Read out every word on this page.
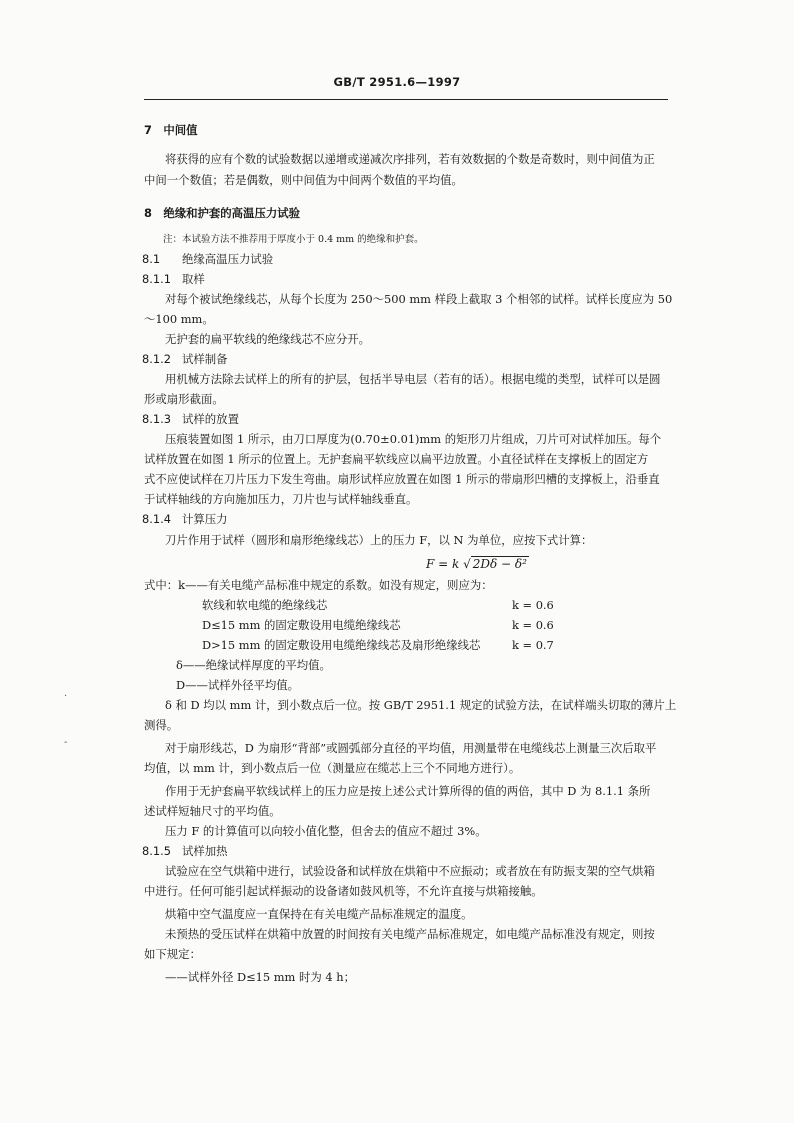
GB/T 2951.6—1997
7　中间值
将获得的应有个数的试验数据以递增或递减次序排列，若有效数据的个数是奇数时，则中间值为正
中间一个数值；若是偶数，则中间值为中间两个数值的平均值。
8　绝缘和护套的高温压力试验
注：本试验方法不推荐用于厚度小于 0.4 mm 的绝缘和护套。
8.1 绝缘高温压力试验
8.1.1 取样
对每个被试绝缘线芯，从每个长度为 250～500 mm 样段上截取 3 个相邻的试样。试样长度应为 50
～100 mm。
无护套的扁平软线的绝缘线芯不应分开。
8.1.2 试样制备
用机械方法除去试样上的所有的护层，包括半导电层（若有的话）。根据电缆的类型，试样可以是圆
形或扇形截面。
8.1.3 试样的放置
压痕装置如图 1 所示，由刀口厚度为(0.70±0.01)mm 的矩形刀片组成，刀片可对试样加压。每个
试样放置在如图 1 所示的位置上。无护套扁平软线应以扁平边放置。小直径试样在支撑板上的固定方
式不应使试样在刀片压力下发生弯曲。扇形试样应放置在如图 1 所示的带扇形凹槽的支撑板上，沿垂直
于试样轴线的方向施加压力，刀片也与试样轴线垂直。
8.1.4 计算压力
刀片作用于试样（圆形和扇形绝缘线芯）上的压力 F，以 N 为单位，应按下式计算：
F = k √ 2Dδ − δ²
式中：k——有关电缆产品标准中规定的系数。如没有规定，则应为：
软线和软电缆的绝缘线芯	k = 0.6
D≤15 mm 的固定敷设用电缆绝缘线芯	k = 0.6
D>15 mm 的固定敷设用电缆绝缘线芯及扇形绝缘线芯	k = 0.7
δ——绝缘试样厚度的平均值。
D——试样外径平均值。
·
δ 和 D 均以 mm 计，到小数点后一位。按 GB/T 2951.1 规定的试验方法，在试样端头切取的薄片上
测得。
-	对于扇形线芯，D 为扇形“背部”或圆弧部分直径的平均值，用测量带在电缆线芯上测量三次后取平
均值，以 mm 计，到小数点后一位（测量应在缆芯上三个不同地方进行）。
作用于无护套扁平软线试样上的压力应是按上述公式计算所得的值的两倍，其中 D 为 8.1.1 条所
述试样短轴尺寸的平均值。
压力 F 的计算值可以向较小值化整，但舍去的值应不超过 3%。
8.1.5 试样加热
试验应在空气烘箱中进行，试验设备和试样放在烘箱中不应振动；或者放在有防振支架的空气烘箱
中进行。任何可能引起试样振动的设备诸如鼓风机等，不允许直接与烘箱接触。
烘箱中空气温度应一直保持在有关电缆产品标准规定的温度。
未预热的受压试样在烘箱中放置的时间按有关电缆产品标准规定，如电缆产品标准没有规定，则按
如下规定：
——试样外径 D≤15 mm 时为 4 h；
